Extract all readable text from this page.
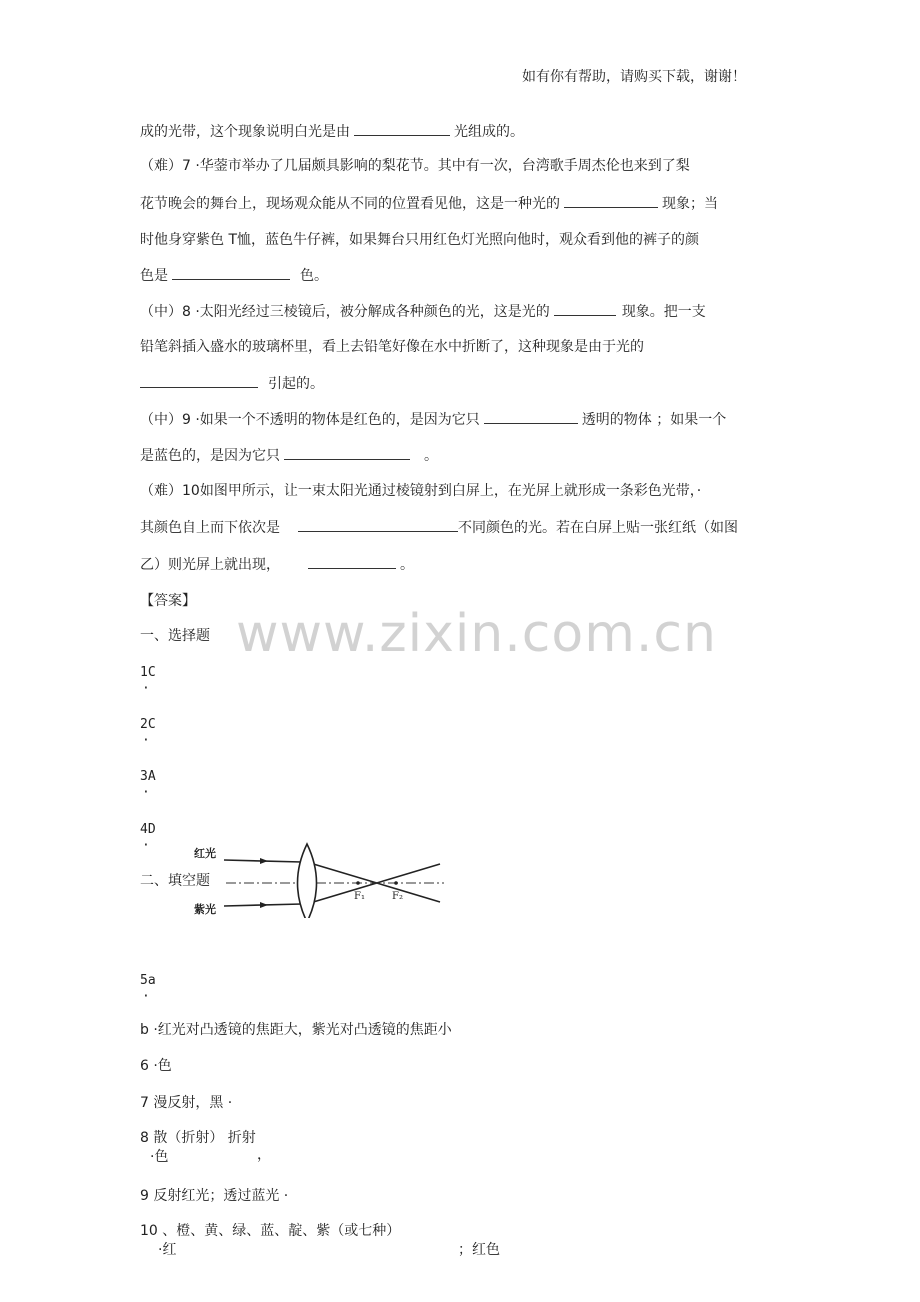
如有你有帮助，请购买下载，谢谢！
成的光带，这个现象说明白光是由	光组成的。
（难）7 ·华蓥市举办了几届颇具影响的梨花节。其中有一次，台湾歌手周杰伦也来到了梨
花节晚会的舞台上，现场观众能从不同的位置看见他，这是一种光的	现象；当
时他身穿紫色 T恤，蓝色牛仔裤，如果舞台只用红色灯光照向他时，观众看到他的裤子的颜
色是	色。
（中）8 ·太阳光经过三棱镜后，被分解成各种颜色的光，这是光的	现象。把一支
铅笔斜插入盛水的玻璃杯里，看上去铅笔好像在水中折断了，这种现象是由于光的
引起的。
（中）9 ·如果一个不透明的物体是红色的，是因为它只	透明的物体 ；如果一个
是蓝色的，是因为它只	。
（难）10如图甲所示，让一束太阳光通过棱镜射到白屏上，在光屏上就形成一条彩色光带，·
其颜色自上而下依次是	不同颜色的光。若在白屏上贴一张红纸（如图
乙）则光屏上就出现，	。
【答案】
一、选择题 www.zixin.com.cn
1C
·
2C
·
3A
·
4D
·
二、填空题
红光
紫光
F₁	F₂
5a
·
b ·红光对凸透镜的焦距大，紫光对凸透镜的焦距小
6 ·色
7 漫反射，黑 ·
8 散（折射） 折射
·色	，
9 反射红光；透过蓝光 ·
10 、橙、黄、绿、蓝、靛、紫（或七种）
·红	；红色
